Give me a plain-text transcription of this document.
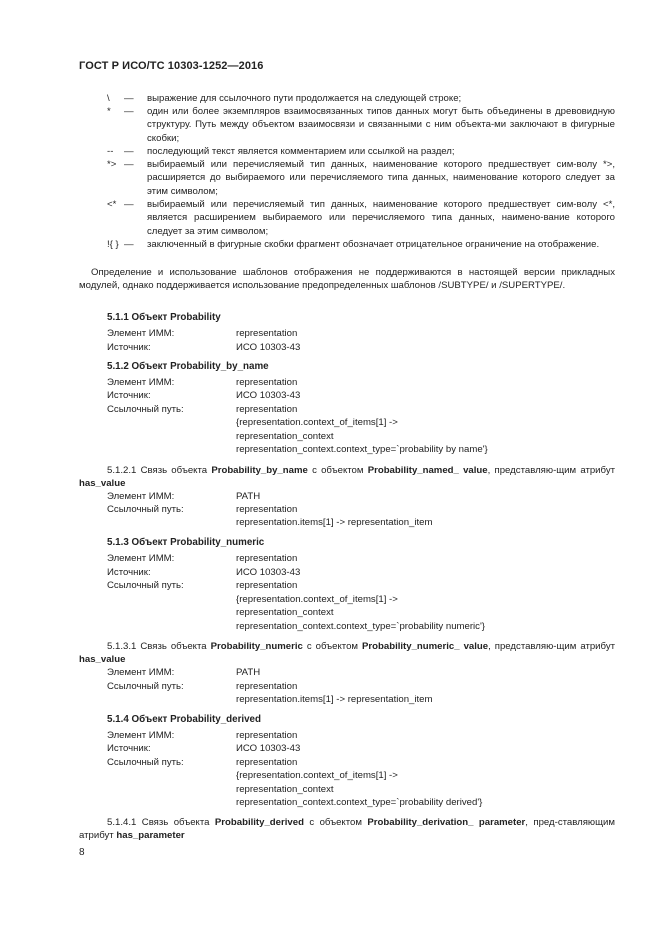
ГОСТ Р ИСО/ТС 10303-1252—2016
\	—	выражение для ссылочного пути продолжается на следующей строке;
*	—	один или более экземпляров взаимосвязанных типов данных могут быть объединены в древовидную структуру. Путь между объектом взаимосвязи и связанными с ним объекта-ми заключают в фигурные скобки;
--	—	последующий текст является комментарием или ссылкой на раздел;
*> —	выбираемый или перечисляемый тип данных, наименование которого предшествует сим-волу *>, расширяется до выбираемого или перечисляемого типа данных, наименование которого следует за этим символом;
<* —	выбираемый или перечисляемый тип данных, наименование которого предшествует сим-волу <*, является расширением выбираемого или перечисляемого типа данных, наимено-вание которого следует за этим символом;
!{ } —	заключенный в фигурные скобки фрагмент обозначает отрицательное ограничение на отображение.
Определение и использование шаблонов отображения не поддерживаются в настоящей версии прикладных модулей, однако поддерживается использование предопределенных шаблонов /SUBTYPE/ и /SUPERTYPE/.
5.1.1 Объект Probability
Элемент ИММ:	representation
Источник:	ИСО 10303-43
5.1.2 Объект Probability_by_name
Элемент ИММ:	representation
Источник:	ИСО 10303-43
Ссылочный путь:	representation
{representation.context_of_items[1] ->
representation_context
representation_context.context_type=`probability by name'}
5.1.2.1 Связь объекта Probability_by_name с объектом Probability_named_ value, представляю-щим атрибут has_value
Элемент ИММ:	PATH
Ссылочный путь:	representation
representation.items[1] -> representation_item
5.1.3 Объект Probability_numeric
Элемент ИММ:	representation
Источник:	ИСО 10303-43
Ссылочный путь:	representation
{representation.context_of_items[1] ->
representation_context
representation_context.context_type=`probability numeric'}
5.1.3.1 Связь объекта Probability_numeric с объектом Probability_numeric_ value, представляю-щим атрибут has_value
Элемент ИММ:	PATH
Ссылочный путь:	representation
representation.items[1] -> representation_item
5.1.4 Объект Probability_derived
Элемент ИММ:	representation
Источник:	ИСО 10303-43
Ссылочный путь:	representation
{representation.context_of_items[1] ->
representation_context
representation_context.context_type=`probability derived'}
5.1.4.1 Связь объекта Probability_derived с объектом Probability_derivation_ parameter, пред-ставляющим атрибут has_parameter
8
